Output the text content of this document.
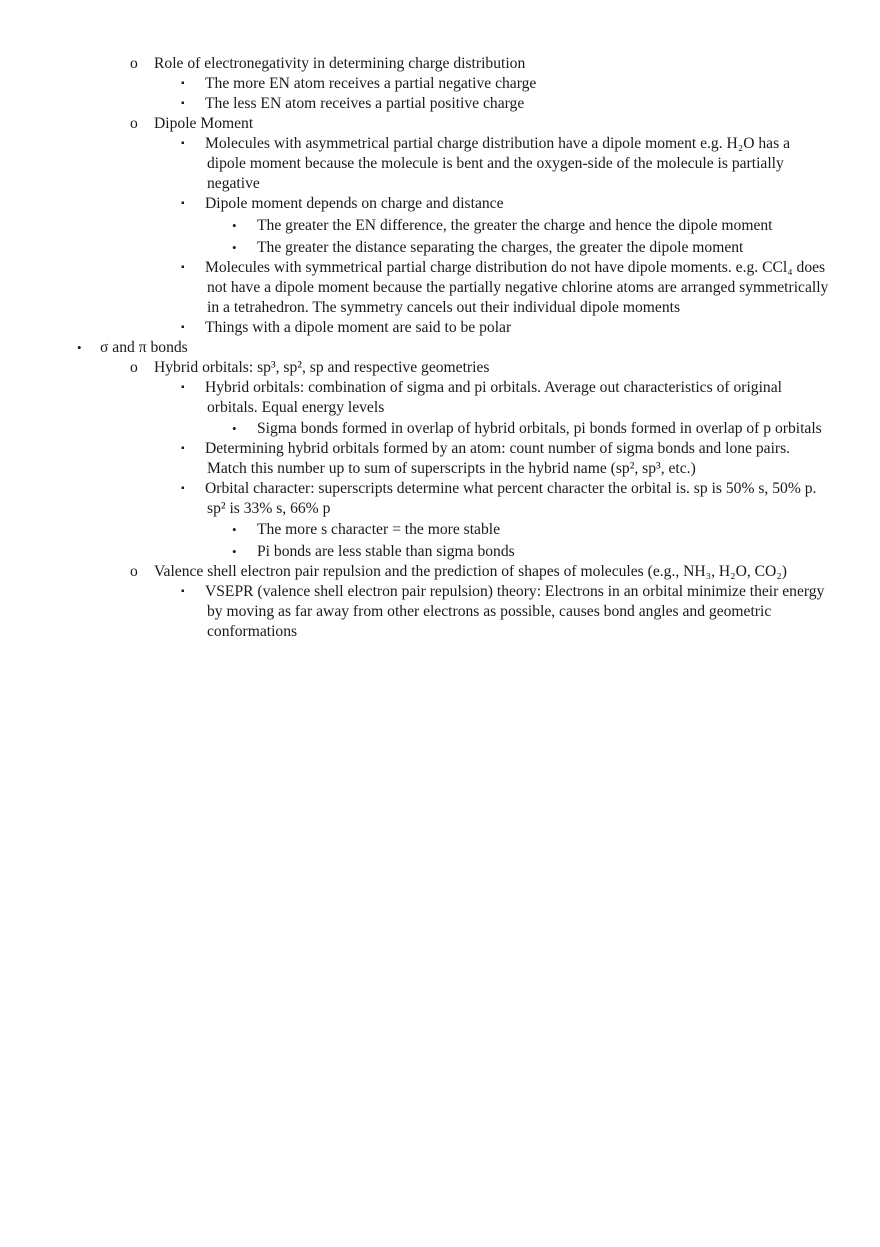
o Role of electronegativity in determining charge distribution
▪ The more EN atom receives a partial negative charge
▪ The less EN atom receives a partial positive charge
o Dipole Moment
▪ Molecules with asymmetrical partial charge distribution have a dipole moment e.g. H₂O has a dipole moment because the molecule is bent and the oxygen-side of the molecule is partially negative
▪ Dipole moment depends on charge and distance
• The greater the EN difference, the greater the charge and hence the dipole moment
• The greater the distance separating the charges, the greater the dipole moment
▪ Molecules with symmetrical partial charge distribution do not have dipole moments. e.g. CCl₄ does not have a dipole moment because the partially negative chlorine atoms are arranged symmetrically in a tetrahedron. The symmetry cancels out their individual dipole moments
▪ Things with a dipole moment are said to be polar
• σ and π bonds
o Hybrid orbitals: sp³, sp², sp and respective geometries
▪ Hybrid orbitals: combination of sigma and pi orbitals. Average out characteristics of original orbitals. Equal energy levels
• Sigma bonds formed in overlap of hybrid orbitals, pi bonds formed in overlap of p orbitals
▪ Determining hybrid orbitals formed by an atom: count number of sigma bonds and lone pairs. Match this number up to sum of superscripts in the hybrid name (sp², sp³, etc.)
▪ Orbital character: superscripts determine what percent character the orbital is. sp is 50% s, 50% p. sp² is 33% s, 66% p
• The more s character = the more stable
• Pi bonds are less stable than sigma bonds
o	Valence shell electron pair repulsion and the prediction of shapes of molecules (e.g., NH₃, H₂O, CO₂)
▪ VSEPR (valence shell electron pair repulsion) theory: Electrons in an orbital minimize their energy by moving as far away from other electrons as possible, causes bond angles and geometric conformations
